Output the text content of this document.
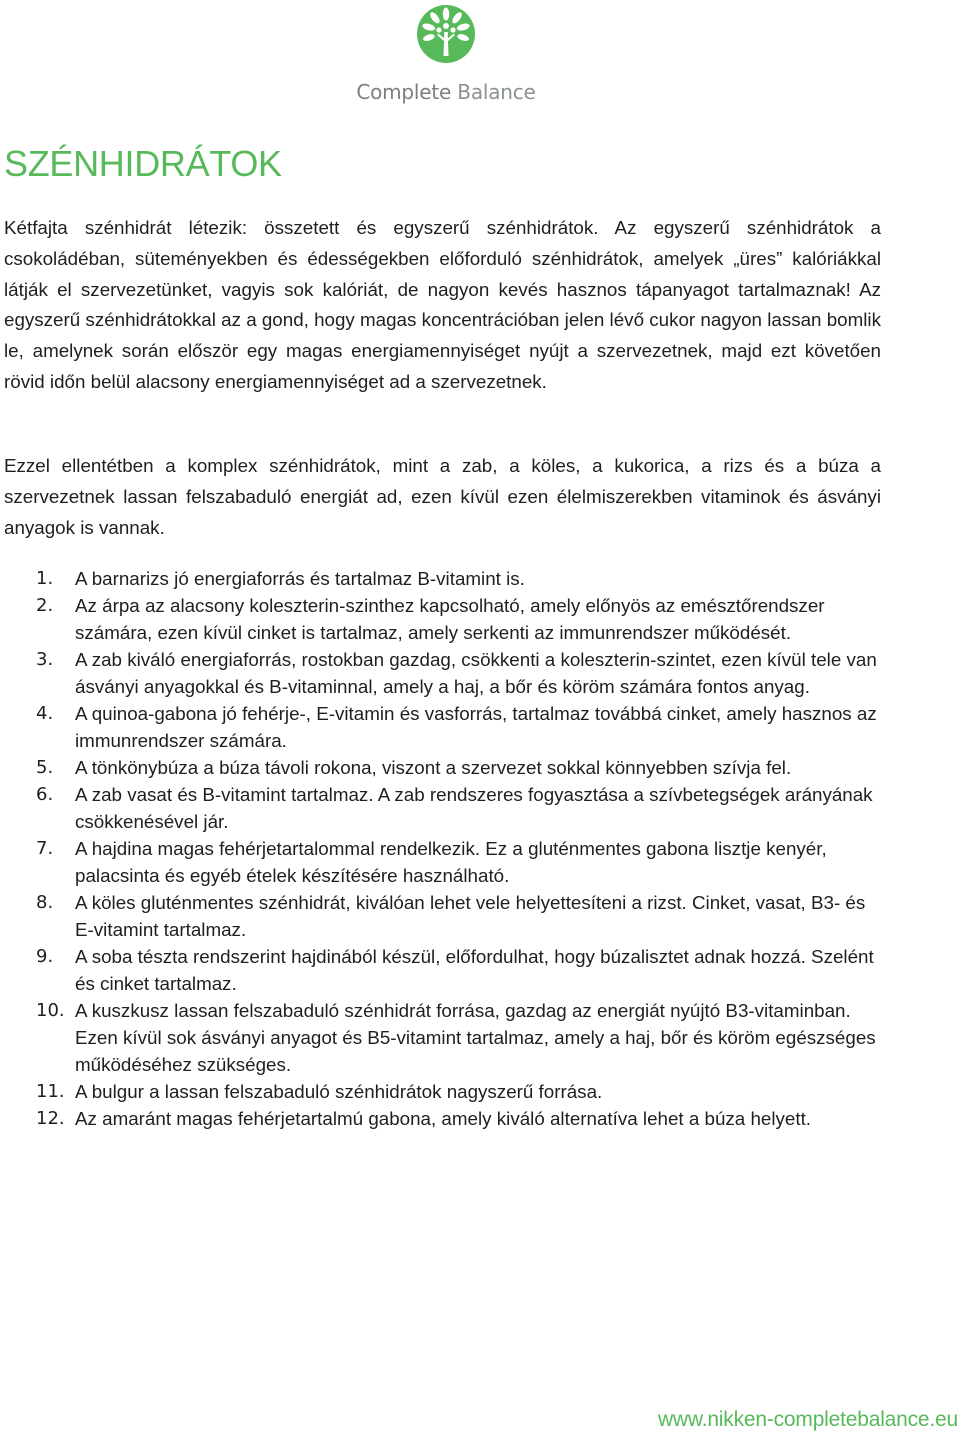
Complete Balance
SZÉNHIDRÁTOK

Kétfajta szénhidrát létezik: összetett és egyszerű szénhidrátok. Az egyszerű szénhidrátok a csokoládéban, süteményekben és édességekben előforduló szénhidrátok, amelyek „üres” kalóriákkal látják el szervezetünket, vagyis sok kalóriát, de nagyon kevés hasznos tápanyagot tartalmaznak! Az egyszerű szénhidrátokkal az a gond, hogy magas koncentrációban jelen lévő cukor nagyon lassan bomlik le, amelynek során először egy magas energiamennyiséget nyújt a szervezetnek, majd ezt követően rövid időn belül alacsony energiamennyiséget ad a szervezetnek.

Ezzel ellentétben a komplex szénhidrátok, mint a zab, a köles, a kukorica, a rizs és a búza a szervezetnek lassan felszabaduló energiát ad, ezen kívül ezen élelmiszerekben vitaminok és ásványi anyagok is vannak.

1. A barnarizs jó energiaforrás és tartalmaz B-vitamint is.
2. Az árpa az alacsony koleszterin-szinthez kapcsolható, amely előnyös az emésztőrendszer számára, ezen kívül cinket is tartalmaz, amely serkenti az immunrendszer működését.
3. A zab kiváló energiaforrás, rostokban gazdag, csökkenti a koleszterin-szintet, ezen kívül tele van ásványi anyagokkal és B-vitaminnal, amely a haj, a bőr és köröm számára fontos anyag.
4. A quinoa-gabona jó fehérje-, E-vitamin és vasforrás, tartalmaz továbbá cinket, amely hasznos az immunrendszer számára.
5. A tönkönybúza a búza távoli rokona, viszont a szervezet sokkal könnyebben szívja fel.
6. A zab vasat és B-vitamint tartalmaz. A zab rendszeres fogyasztása a szívbetegségek arányának csökkenésével jár.
7. A hajdina magas fehérjetartalommal rendelkezik. Ez a gluténmentes gabona lisztje kenyér, palacsinta és egyéb ételek készítésére használható.
8. A köles gluténmentes szénhidrát, kiválóan lehet vele helyettesíteni a rizst. Cinket, vasat, B3- és E-vitamint tartalmaz.
9. A soba tészta rendszerint hajdinából készül, előfordulhat, hogy búzalisztet adnak hozzá. Szelént és cinket tartalmaz.
10. A kuszkusz lassan felszabaduló szénhidrát forrása, gazdag az energiát nyújtó B3-vitaminban. Ezen kívül sok ásványi anyagot és B5-vitamint tartalmaz, amely a haj, bőr és köröm egészséges működéséhez szükséges.
11. A bulgur a lassan felszabaduló szénhidrátok nagyszerű forrása.
12. Az amaránt magas fehérjetartalmú gabona, amely kiváló alternatíva lehet a búza helyett.
www.nikken-completebalance.eu
